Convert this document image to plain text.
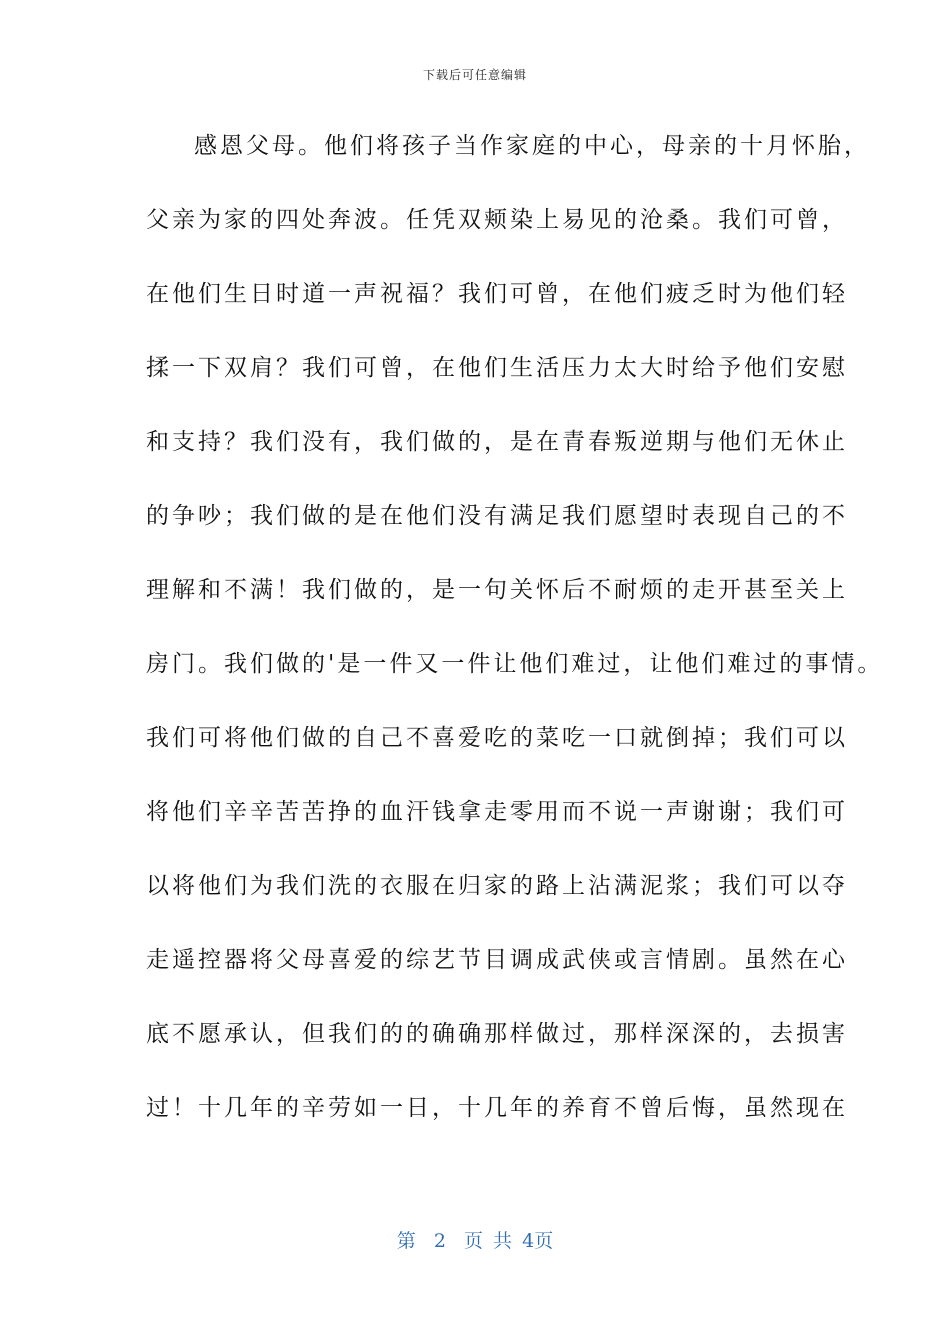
下载后可任意编辑
感恩父母。他们将孩子当作家庭的中心，母亲的十月怀胎，
父亲为家的四处奔波。任凭双颊染上易见的沧桑。我们可曾，
在他们生日时道一声祝福？我们可曾，在他们疲乏时为他们轻
揉一下双肩？我们可曾，在他们生活压力太大时给予他们安慰
和支持？我们没有，我们做的，是在青春叛逆期与他们无休止
的争吵；我们做的是在他们没有满足我们愿望时表现自己的不
理解和不满！我们做的，是一句关怀后不耐烦的走开甚至关上
房门。我们做的'是一件又一件让他们难过，让他们难过的事情。
我们可将他们做的自己不喜爱吃的菜吃一口就倒掉；我们可以
将他们辛辛苦苦挣的血汗钱拿走零用而不说一声谢谢；我们可
以将他们为我们洗的衣服在归家的路上沾满泥浆；我们可以夺
走遥控器将父母喜爱的综艺节目调成武侠或言情剧。虽然在心
底不愿承认，但我们的的确确那样做过，那样深深的，去损害
过！十几年的辛劳如一日，十几年的养育不曾后悔，虽然现在
第 2 页 共 4页
